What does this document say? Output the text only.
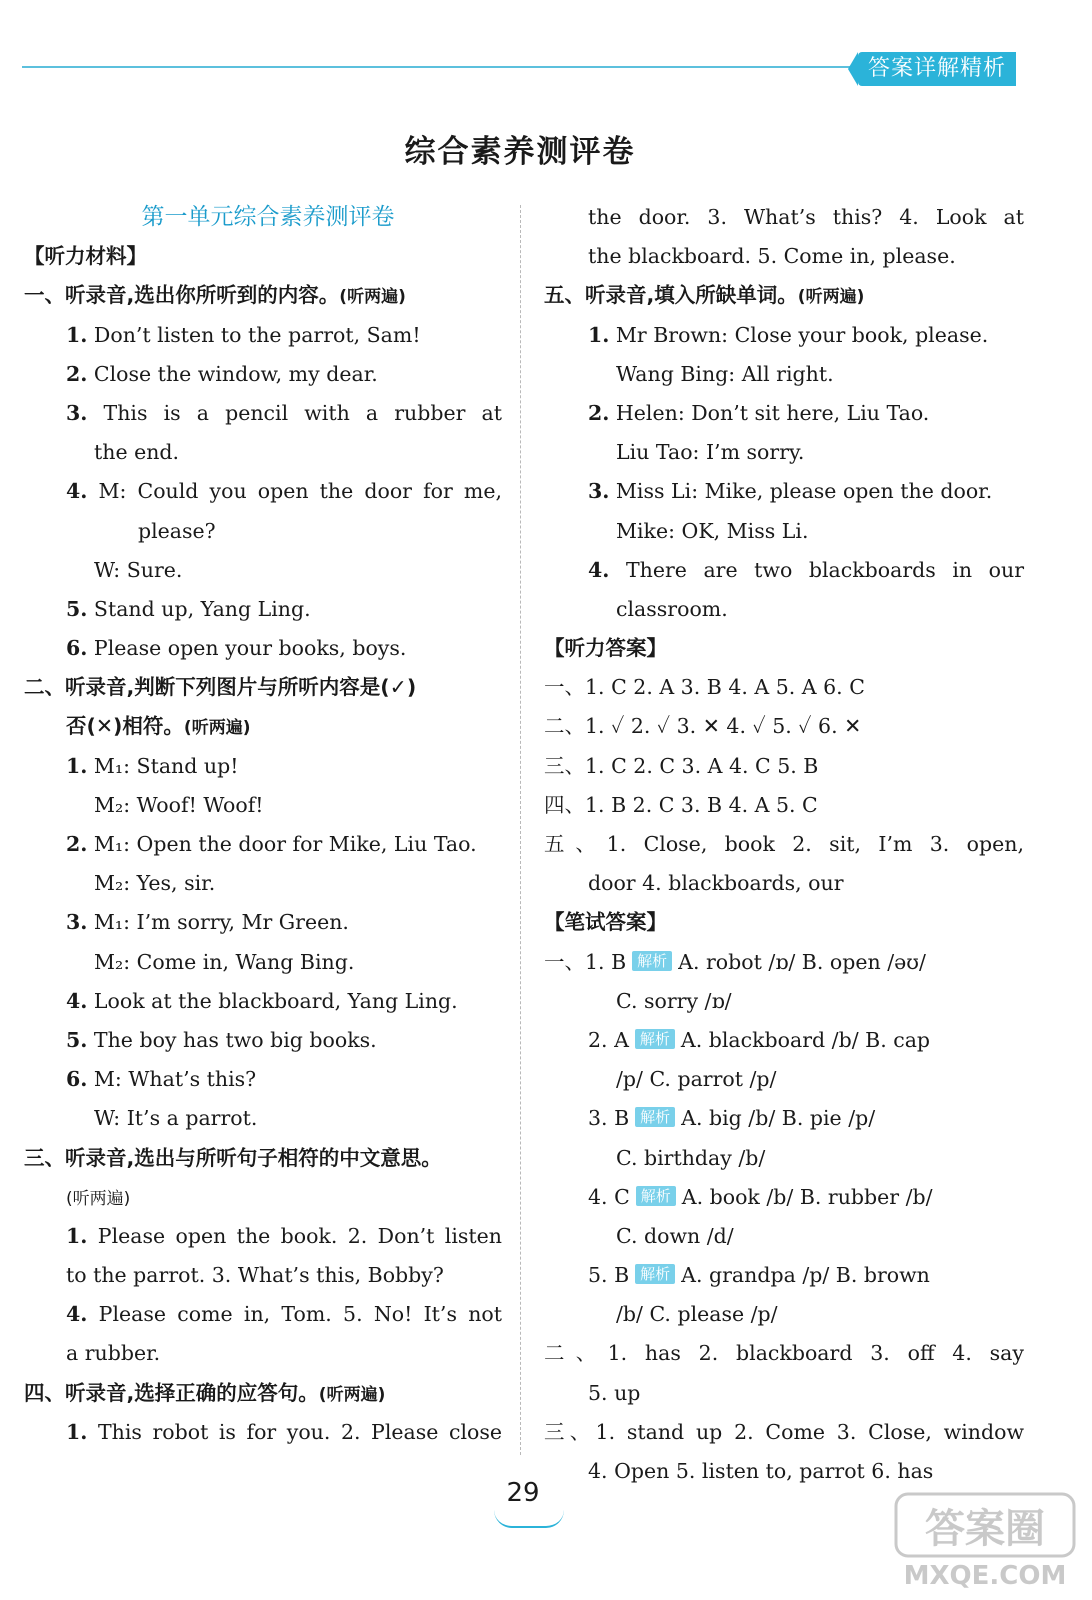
答案详解精析
综合素养测评卷
第一单元综合素养测评卷
【听力材料】
一、听录音,选出你所听到的内容。(听两遍)
1. Don’t listen to the parrot, Sam!
2. Close the window, my dear.
3. This is a pencil with a rubber at
the end.
4. M: Could you open the door for me,
please?
W: Sure.
5. Stand up, Yang Ling.
6. Please open your books, boys.
二、听录音,判断下列图片与所听内容是(✓)
否(✕)相符。(听两遍)
1. M₁: Stand up!
M₂: Woof! Woof!
2. M₁: Open the door for Mike, Liu Tao.
M₂: Yes, sir.
3. M₁: I’m sorry, Mr Green.
M₂: Come in, Wang Bing.
4. Look at the blackboard, Yang Ling.
5. The boy has two big books.
6. M: What’s this?
W: It’s a parrot.
三、听录音,选出与所听句子相符的中文意思。
(听两遍)
1. Please open the book. 2. Don’t listen
to the parrot. 3. What’s this, Bobby?
4. Please come in, Tom. 5. No! It’s not
a rubber.
四、听录音,选择正确的应答句。(听两遍)
1. This robot is for you. 2. Please close
the door. 3. What’s this? 4. Look at
the blackboard. 5. Come in, please.
五、听录音,填入所缺单词。(听两遍)
1. Mr Brown: Close your book, please.
Wang Bing: All right.
2. Helen: Don’t sit here, Liu Tao.
Liu Tao: I’m sorry.
3. Miss Li: Mike, please open the door.
Mike: OK, Miss Li.
4. There are two blackboards in our
classroom.
【听力答案】
一、1. C 2. A 3. B 4. A 5. A 6. C
二、1. ✓ 2. ✓ 3. ✕ 4. ✓ 5. ✓ 6. ✕
三、1. C 2. C 3. A 4. C 5. B
四、1. B 2. C 3. B 4. A 5. C
五、1. Close, book 2. sit, I’m 3. open,
door 4. blackboards, our
【笔试答案】
一、1. B 解析 A. robot /ɒ/ B. open /əʊ/
C. sorry /ɒ/
2. A 解析 A. blackboard /b/ B. cap
/p/ C. parrot /p/
3. B 解析 A. big /b/ B. pie /p/
C. birthday /b/
4. C 解析 A. book /b/ B. rubber /b/
C. down /d/
5. B 解析 A. grandpa /p/ B. brown
/b/ C. please /p/
二、1. has 2. blackboard 3. off 4. say
5. up
三、1. stand up 2. Come 3. Close, window
4. Open 5. listen to, parrot 6. has
29
答案圈
MXQE.COM
